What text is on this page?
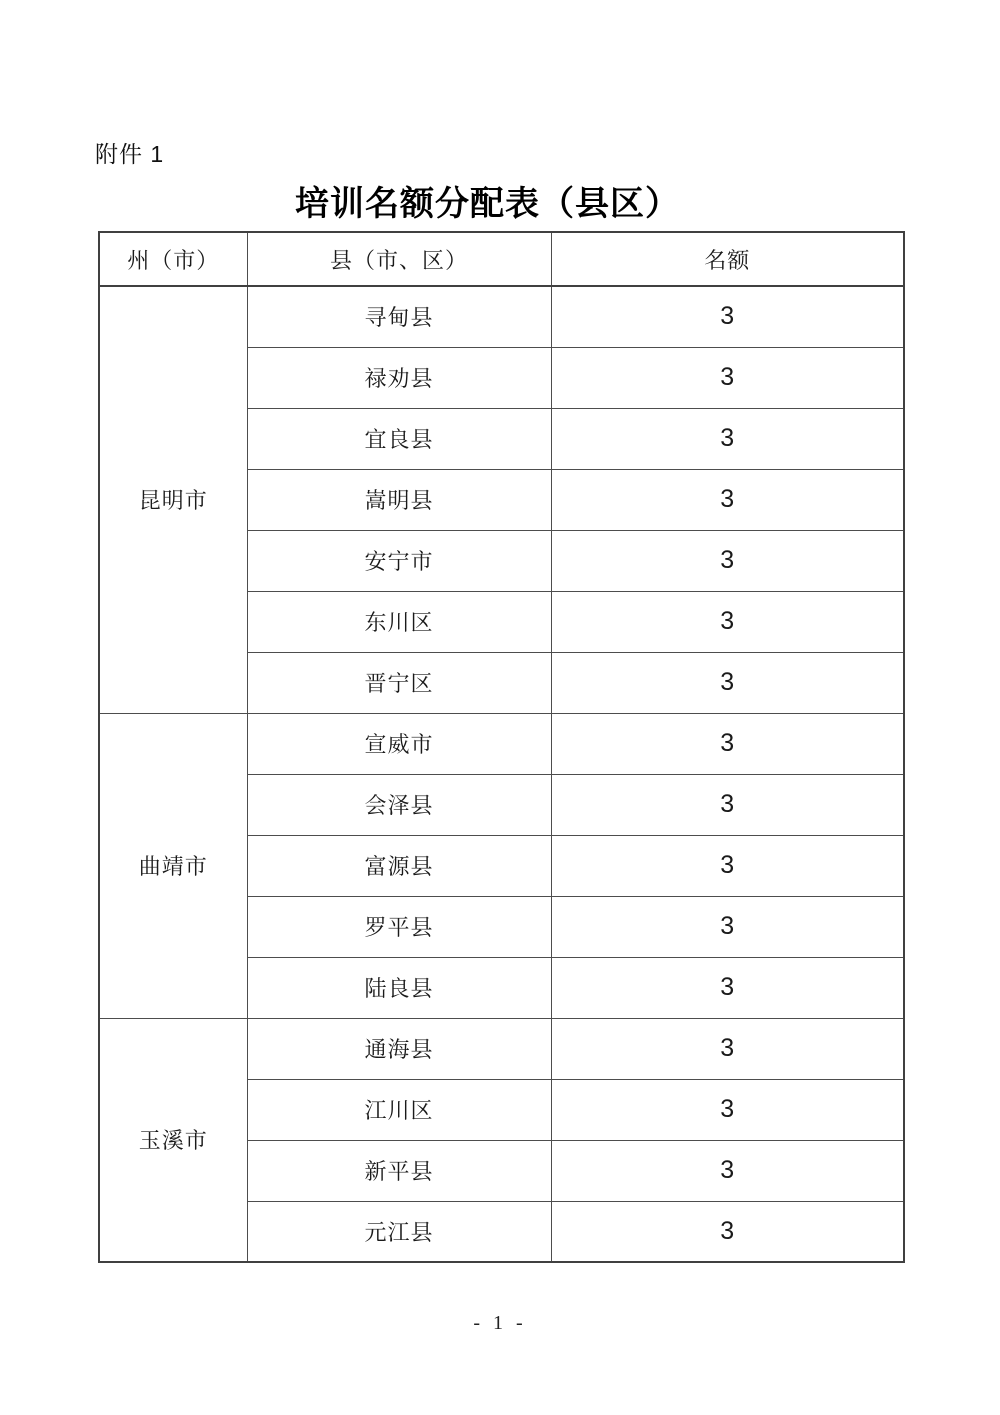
附件 1
培训名额分配表（县区）
州（市）	县（市、区）	名额
昆明市	寻甸县	3
	禄劝县	3
	宜良县	3
	嵩明县	3
	安宁市	3
	东川区	3
	晋宁区	3
曲靖市	宣威市	3
	会泽县	3
	富源县	3
	罗平县	3
	陆良县	3
玉溪市	通海县	3
	江川区	3
	新平县	3
	元江县	3
- 1 -
